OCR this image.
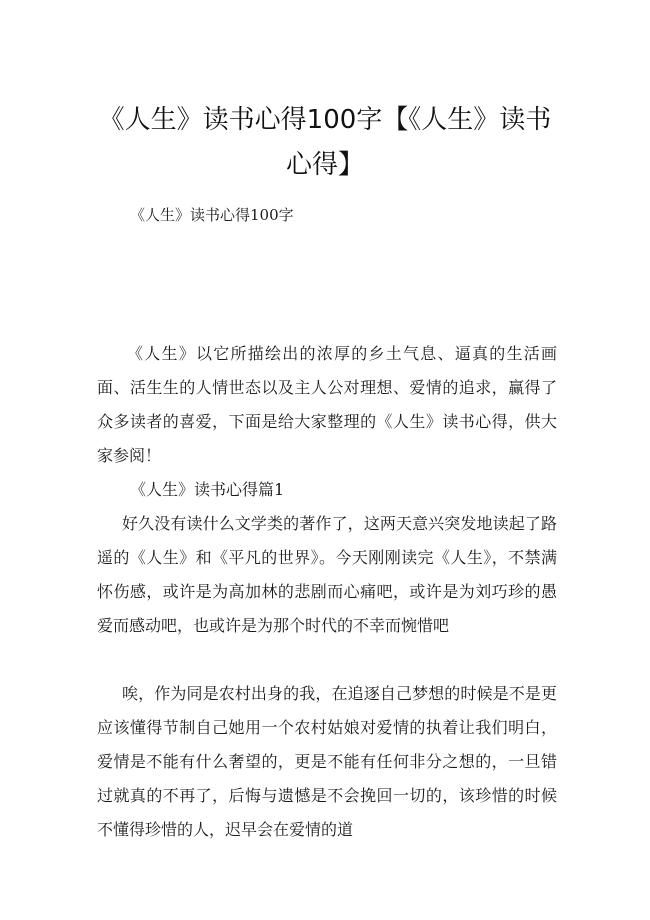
《人生》读书心得100字【《人生》读书心得】

《人生》读书心得100字

《人生》以它所描绘出的浓厚的乡土气息、逼真的生活画面、活生生的人情世态以及主人公对理想、爱情的追求，赢得了众多读者的喜爱，下面是给大家整理的《人生》读书心得，供大家参阅！

《人生》读书心得篇1

好久没有读什么文学类的著作了，这两天意兴突发地读起了路遥的《人生》和《平凡的世界》。今天刚刚读完《人生》，不禁满怀伤感，或许是为高加林的悲剧而心痛吧，或许是为刘巧珍的愚爱而感动吧，也或许是为那个时代的不幸而惋惜吧

唉，作为同是农村出身的我，在追逐自己梦想的时候是不是更应该懂得节制自己她用一个农村姑娘对爱情的执着让我们明白，爱情是不能有什么奢望的，更是不能有任何非分之想的，一旦错过就真的不再了，后悔与遗憾是不会挽回一切的，该珍惜的时候不懂得珍惜的人，迟早会在爱情的道
